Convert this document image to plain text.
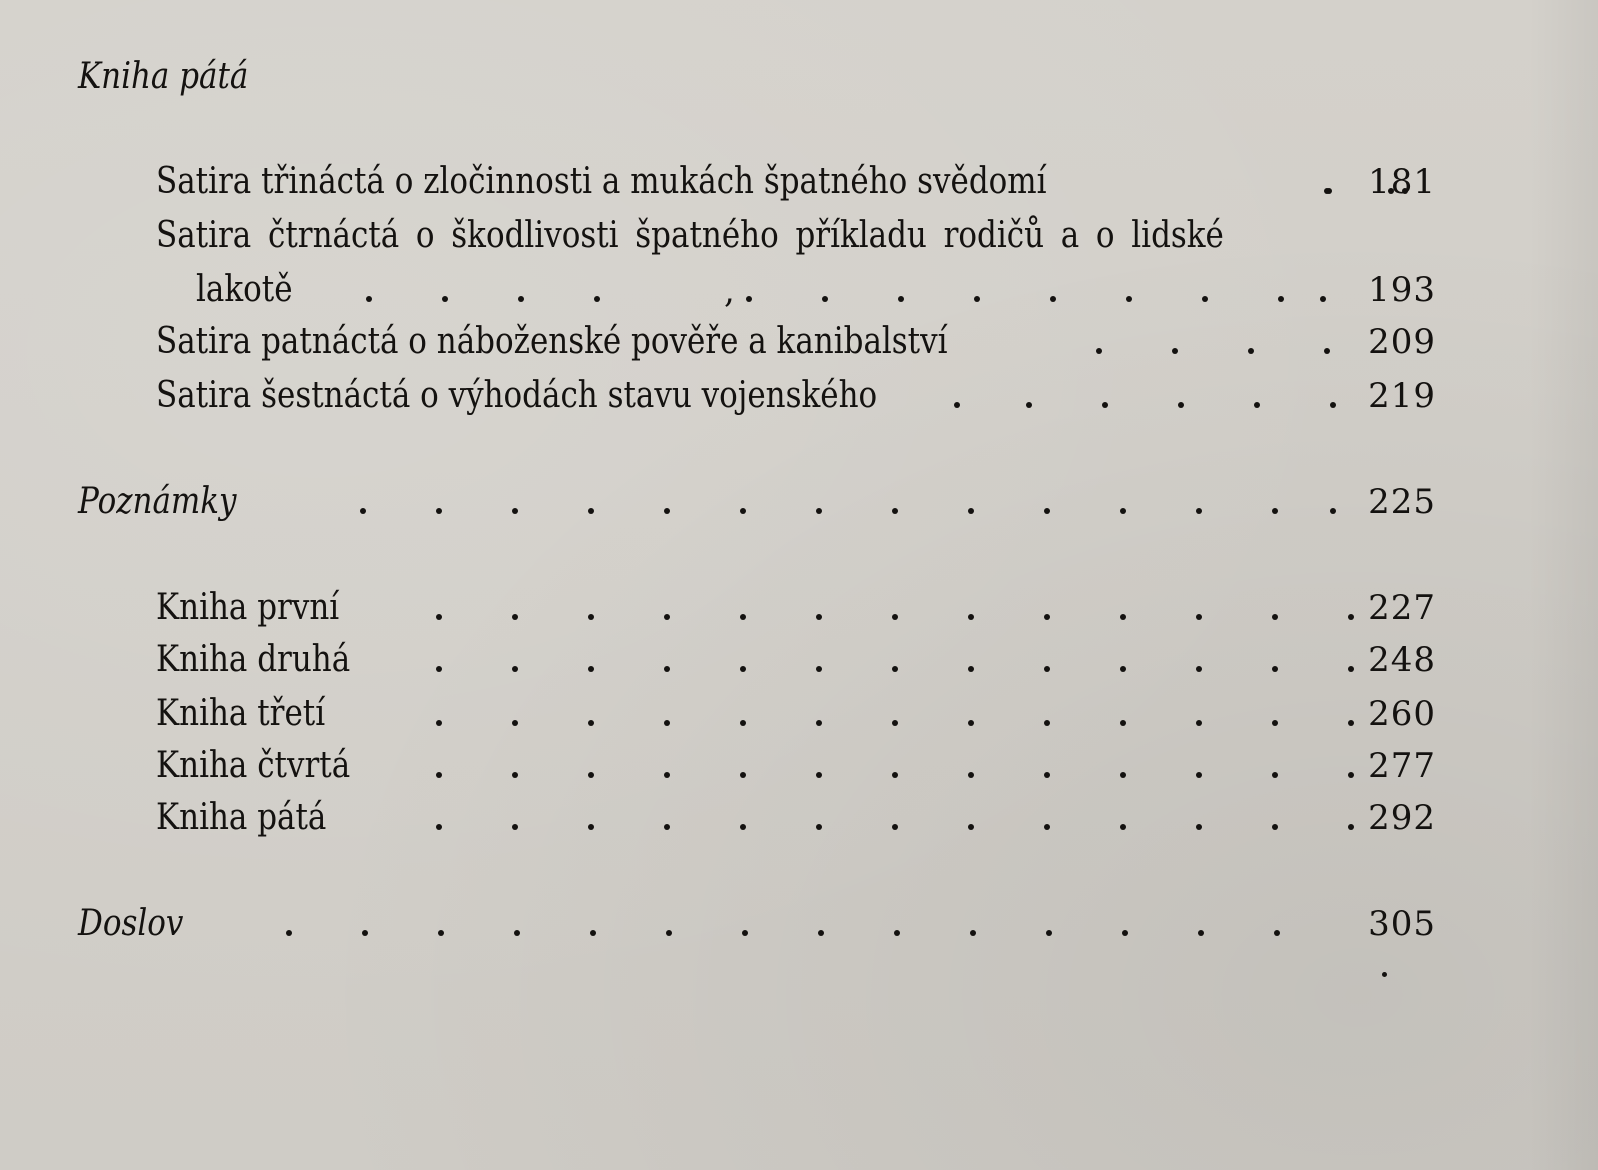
Kniha pátá
Satira třináctá o zločinnosti a mukách špatného svědomí	181
Satira čtrnáctá o škodlivosti špatného příkladu rodičů a o lidské
lakotě	,	193
Satira patnáctá o náboženské pověře a kanibalství	209
Satira šestnáctá o výhodách stavu vojenského	219
Poznámky	225
Kniha první	227
Kniha druhá	248
Kniha třetí	260
Kniha čtvrtá	277
Kniha pátá	292
Doslov	305
